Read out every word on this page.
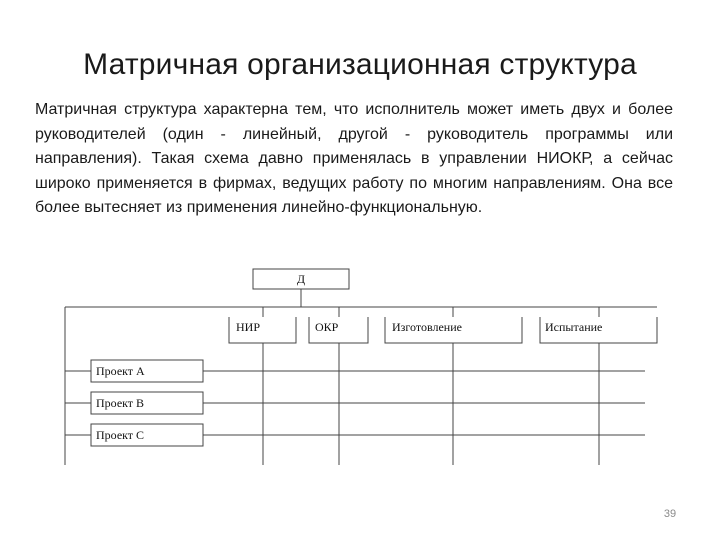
Матричная организационная структура
Матричная структура характерна тем, что исполнитель может иметь двух и более руководителей (один - линейный, другой - руководитель программы или направления). Такая схема давно применялась в управлении НИОКР, а сейчас широко применяется в фирмах, ведущих работу по многим направлениям. Она все более вытесняет из применения линейно-функциональную.
Д
НИР	ОКР	Изготовление	Испытание
Проект А
Проект В
Проект С
39
